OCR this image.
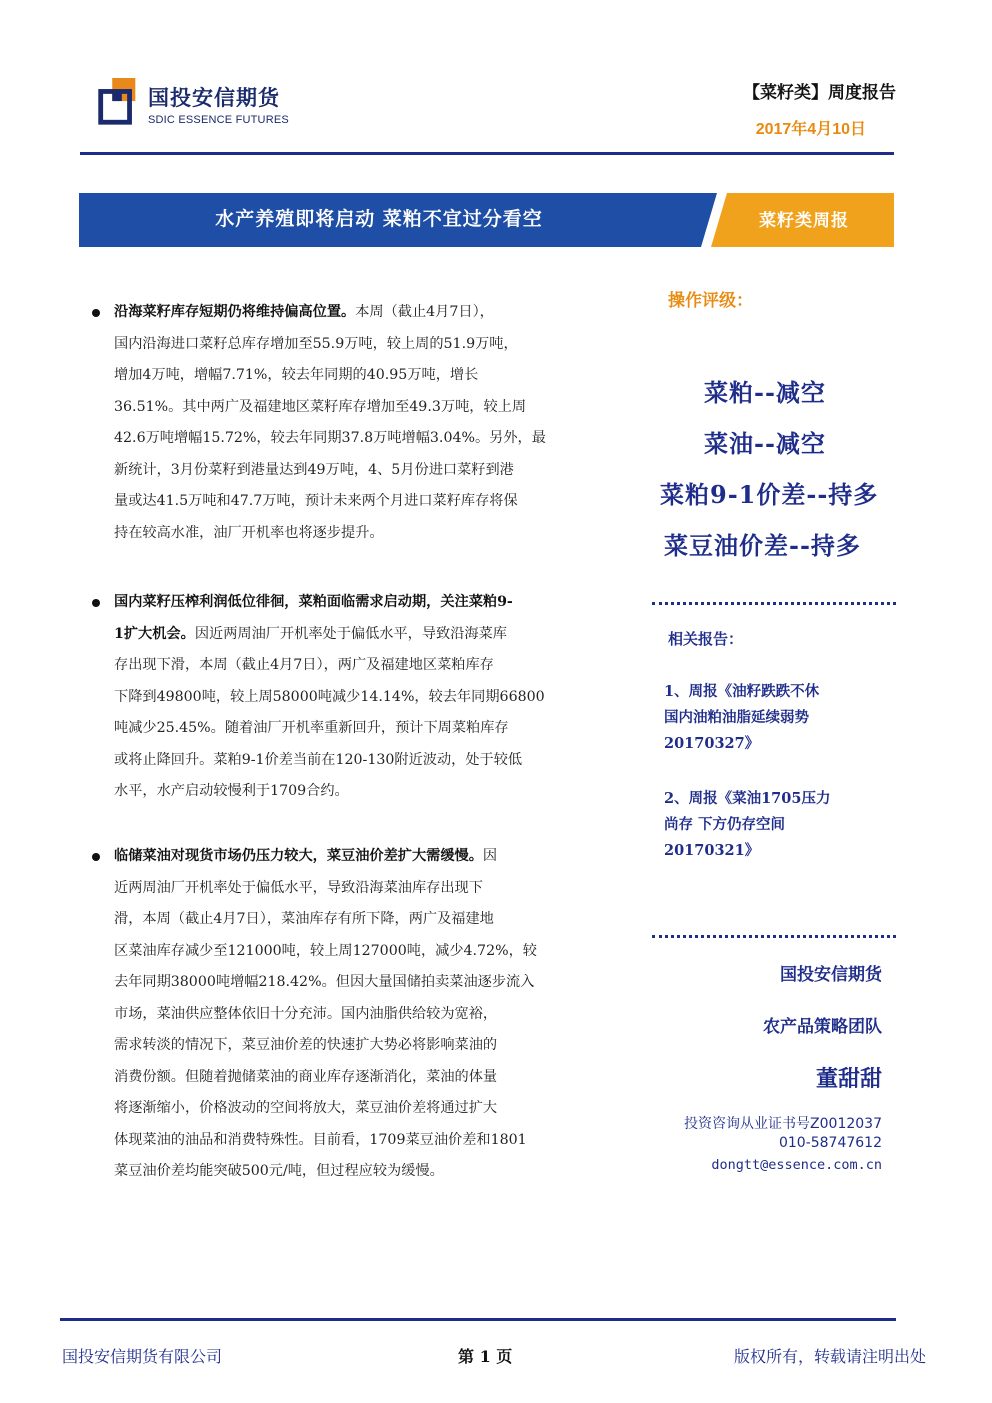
国投安信期货
SDIC ESSENCE FUTURES
【菜籽类】周度报告
2017年4月10日
水产养殖即将启动 菜粕不宜过分看空	菜籽类周报
沿海菜籽库存短期仍将维持偏高位置。本周（截止4月7日），
国内沿海进口菜籽总库存增加至55.9万吨，较上周的51.9万吨，
增加4万吨，增幅7.71%，较去年同期的40.95万吨，增长
36.51%。其中两广及福建地区菜籽库存增加至49.3万吨，较上周
42.6万吨增幅15.72%，较去年同期37.8万吨增幅3.04%。另外，最
新统计，3月份菜籽到港量达到49万吨，4、5月份进口菜籽到港
量或达41.5万吨和47.7万吨，预计未来两个月进口菜籽库存将保
持在较高水准，油厂开机率也将逐步提升。
国内菜籽压榨利润低位徘徊，菜粕面临需求启动期，关注菜粕9-
1扩大机会。因近两周油厂开机率处于偏低水平，导致沿海菜库
存出现下滑，本周（截止4月7日），两广及福建地区菜粕库存
下降到49800吨，较上周58000吨减少14.14%，较去年同期66800
吨减少25.45%。随着油厂开机率重新回升，预计下周菜粕库存
或将止降回升。菜粕9-1价差当前在120-130附近波动，处于较低
水平，水产启动较慢利于1709合约。
临储菜油对现货市场仍压力较大，菜豆油价差扩大需缓慢。因
近两周油厂开机率处于偏低水平，导致沿海菜油库存出现下
滑，本周（截止4月7日），菜油库存有所下降，两广及福建地
区菜油库存减少至121000吨，较上周127000吨，减少4.72%，较
去年同期38000吨增幅218.42%。但因大量国储拍卖菜油逐步流入
市场，菜油供应整体依旧十分充沛。国内油脂供给较为宽裕，
需求转淡的情况下，菜豆油价差的快速扩大势必将影响菜油的
消费份额。但随着抛储菜油的商业库存逐渐消化，菜油的体量
将逐渐缩小，价格波动的空间将放大，菜豆油价差将通过扩大
体现菜油的油品和消费特殊性。目前看，1709菜豆油价差和1801
菜豆油价差均能突破500元/吨，但过程应较为缓慢。
操作评级：
菜粕--减空
菜油--减空
菜粕9-1价差--持多
菜豆油价差--持多
相关报告：
1、周报《油籽跌跌不休
国内油粕油脂延续弱势
20170327》
2、周报《菜油1705压力
尚存 下方仍存空间
20170321》
国投安信期货
农产品策略团队
董甜甜
投资咨询从业证书号Z0012037
010-58747612
dongtt@essence.com.cn
国投安信期货有限公司	第 1 页	版权所有，转载请注明出处
